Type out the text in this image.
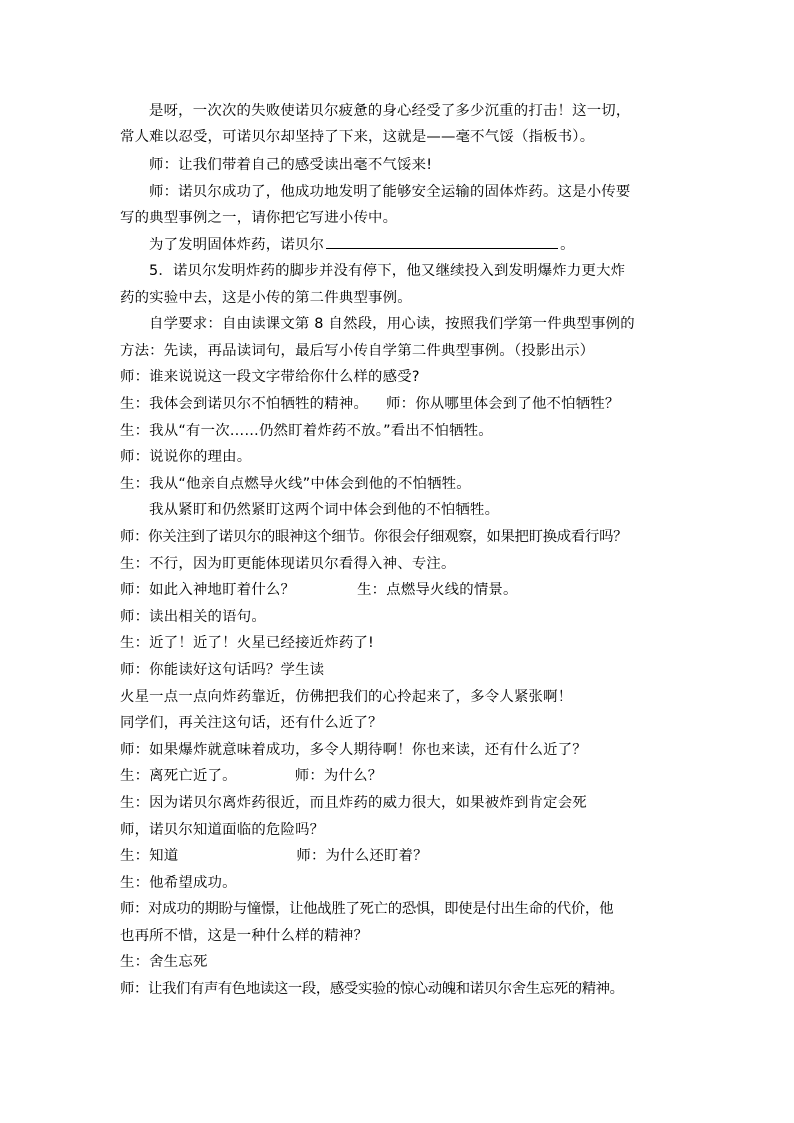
是呀，一次次的失败使诺贝尔疲惫的身心经受了多少沉重的打击！这一切，
常人难以忍受，可诺贝尔却坚持了下来，这就是——毫不气馁（指板书）。
师：让我们带着自己的感受读出毫不气馁来!
师：诺贝尔成功了，他成功地发明了能够安全运输的固体炸药。这是小传要
写的典型事例之一，请你把它写进小传中。
为了发明固体炸药，诺贝尔	。
5．诺贝尔发明炸药的脚步并没有停下，他又继续投入到发明爆炸力更大炸
药的实验中去，这是小传的第二件典型事例。
自学要求：自由读课文第 8 自然段，用心读，按照我们学第一件典型事例的
方法：先读，再品读词句，最后写小传自学第二件典型事例。（投影出示）
师：谁来说说这一段文字带给你什么样的感受?
生：我体会到诺贝尔不怕牺牲的精神。 师：你从哪里体会到了他不怕牺牲？
生：我从“有一次……仍然盯着炸药不放。”看出不怕牺牲。
师：说说你的理由。
生：我从“他亲自点燃导火线”中体会到他的不怕牺牲。
我从紧盯和仍然紧盯这两个词中体会到他的不怕牺牲。
师：你关注到了诺贝尔的眼神这个细节。你很会仔细观察，如果把盯换成看行吗？
生：不行，因为盯更能体现诺贝尔看得入神、专注。
师：如此入神地盯着什么？	生：点燃导火线的情景。
师：读出相关的语句。
生：近了！近了！火星已经接近炸药了!
师：你能读好这句话吗？学生读
火星一点一点向炸药靠近，仿佛把我们的心拎起来了，多令人紧张啊！
同学们，再关注这句话，还有什么近了？
师：如果爆炸就意味着成功，多令人期待啊！你也来读，还有什么近了？
生：离死亡近了。	师：为什么？
生：因为诺贝尔离炸药很近，而且炸药的威力很大，如果被炸到肯定会死
师，诺贝尔知道面临的危险吗？
生：知道	师：为什么还盯着？
生：他希望成功。
师：对成功的期盼与憧憬，让他战胜了死亡的恐惧，即使是付出生命的代价，他
也再所不惜，这是一种什么样的精神？
生：舍生忘死
师：让我们有声有色地读这一段，感受实验的惊心动魄和诺贝尔舍生忘死的精神。
